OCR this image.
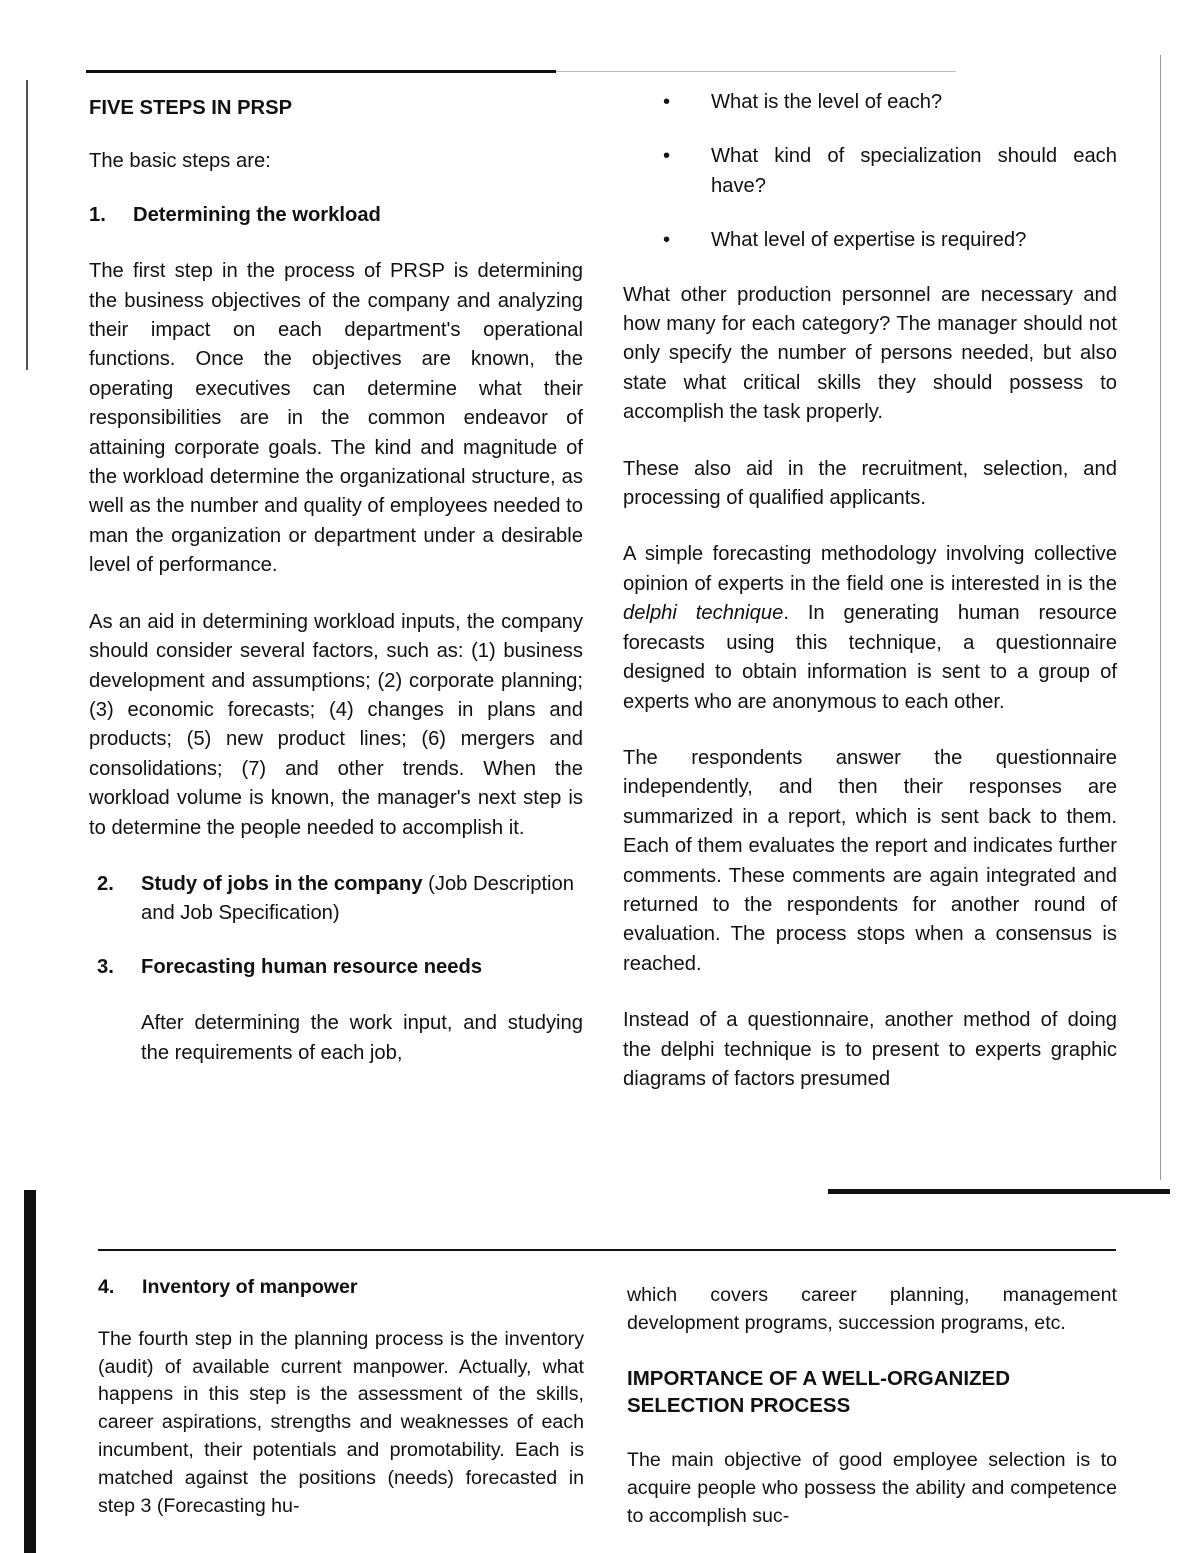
FIVE STEPS IN PRSP

The basic steps are:

1.	Determining the workload

The first step in the process of PRSP is determining the business objectives of the company and analyzing their impact on each department's operational functions. Once the objectives are known, the operating executives can determine what their responsibilities are in the common endeavor of attaining corporate goals. The kind and magnitude of the workload determine the organizational structure, as well as the number and quality of employees needed to man the organization or department under a desirable level of performance.

As an aid in determining workload inputs, the company should consider several factors, such as: (1) business development and assumptions; (2) corporate planning; (3) economic forecasts; (4) changes in plans and products; (5) new product lines; (6) mergers and consolidations; (7) and other trends. When the workload volume is known, the manager's next step is to determine the people needed to accomplish it.

2.	Study of jobs in the company (Job Description and Job Specification)
3.	Forecasting human resource needs

After determining the work input, and studying the requirements of each job,

•	What is the level of each?
•	What kind of specialization should each have?
•	What level of expertise is required?

What other production personnel are necessary and how many for each category? The manager should not only specify the number of persons needed, but also state what critical skills they should possess to accomplish the task properly.

These also aid in the recruitment, selection, and processing of qualified applicants.

A simple forecasting methodology involving collective opinion of experts in the field one is interested in is the delphi technique. In generating human resource forecasts using this technique, a questionnaire designed to obtain information is sent to a group of experts who are anonymous to each other.

The respondents answer the questionnaire independently, and then their responses are summarized in a report, which is sent back to them. Each of them evaluates the report and indicates further comments. These comments are again integrated and returned to the respondents for another round of evaluation. The process stops when a consensus is reached.

Instead of a questionnaire, another method of doing the delphi technique is to present to experts graphic diagrams of factors presumed

4.	Inventory of manpower

The fourth step in the planning process is the inventory (audit) of available current manpower. Actually, what happens in this step is the assessment of the skills, career aspirations, strengths and weaknesses of each incumbent, their potentials and promotability. Each is matched against the positions (needs) forecasted in step 3 (Forecasting hu-

which covers career planning, management development programs, succession programs, etc.

IMPORTANCE OF A WELL-ORGANIZED SELECTION PROCESS

The main objective of good employee selection is to acquire people who possess the ability and competence to accomplish suc-
